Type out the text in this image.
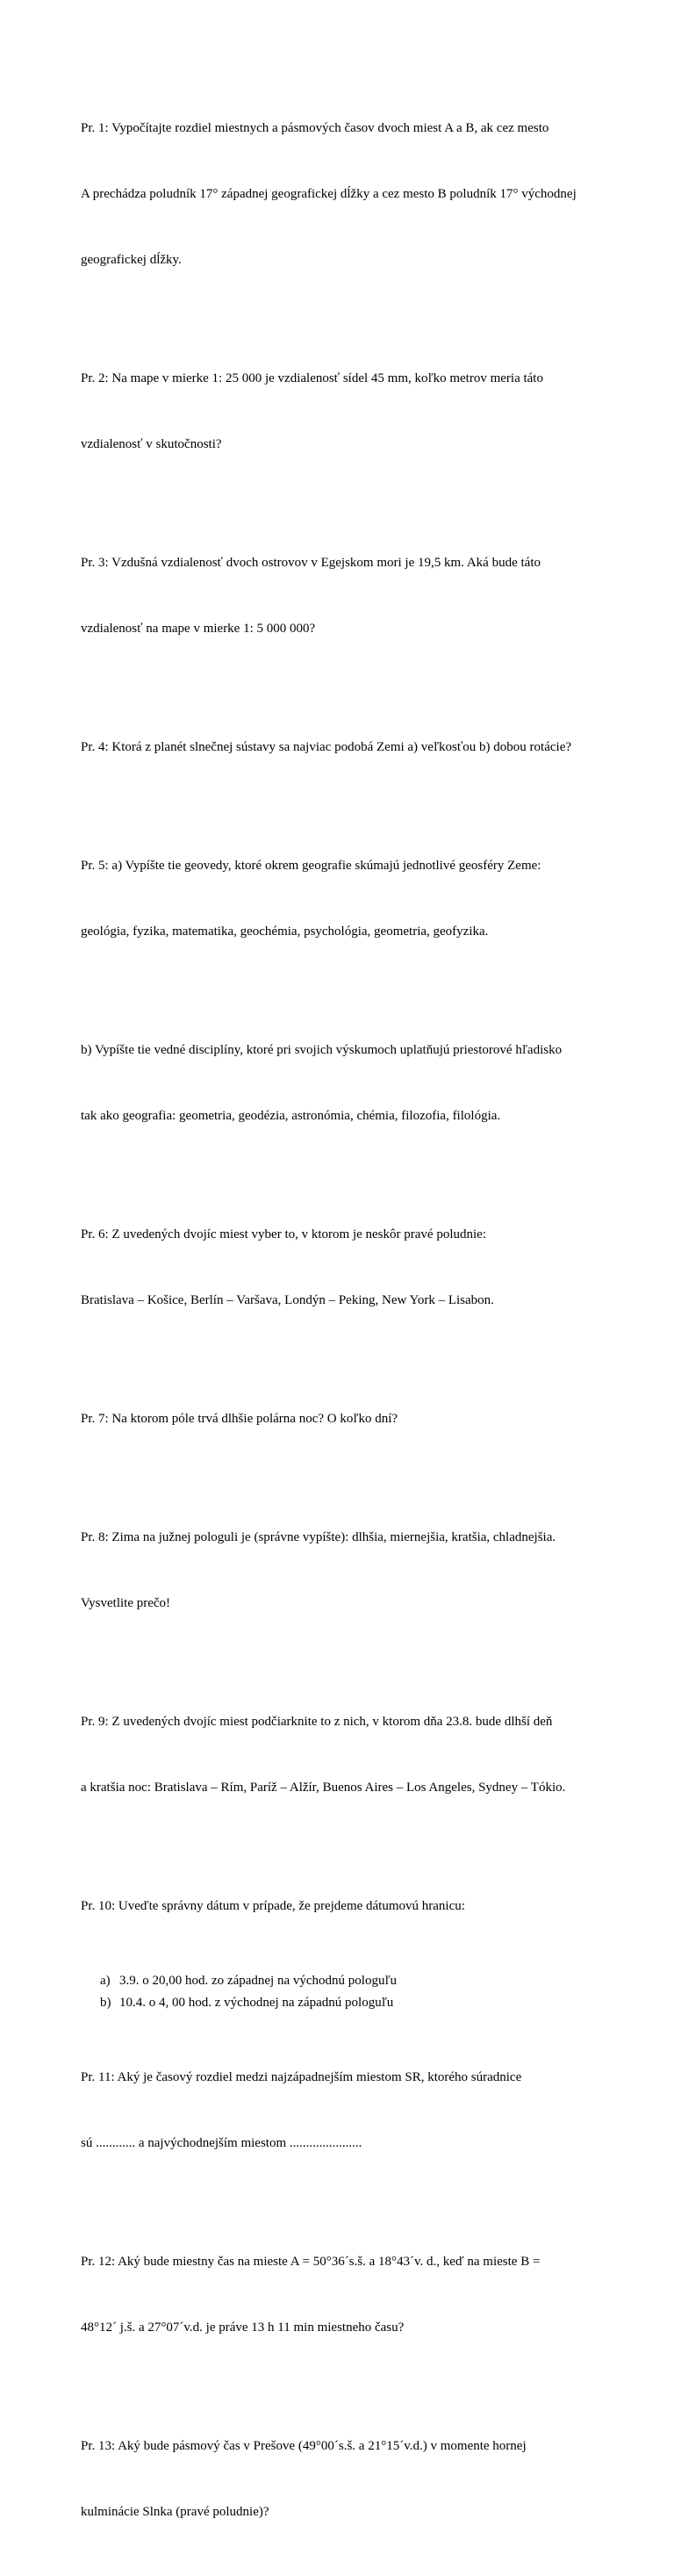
Pr. 1: Vypočítajte rozdiel miestnych a pásmových časov dvoch miest A a B, ak cez mesto

A prechádza poludník 17° západnej geografickej dĺžky a cez mesto B poludník 17° východnej

geografickej dĺžky.

Pr. 2: Na mape v mierke 1: 25 000 je vzdialenosť sídel 45 mm, koľko metrov meria táto

vzdialenosť v skutočnosti?

Pr. 3: Vzdušná vzdialenosť dvoch ostrovov v Egejskom mori je 19,5 km. Aká bude táto

vzdialenosť na mape v mierke 1: 5 000 000?

Pr. 4: Ktorá z planét slnečnej sústavy sa najviac podobá Zemi a) veľkosťou b) dobou rotácie?

Pr. 5: a) Vypíšte tie geovedy, ktoré okrem geografie skúmajú jednotlivé geosféry Zeme:

geológia, fyzika, matematika, geochémia, psychológia, geometria, geofyzika.

b) Vypíšte tie vedné disciplíny, ktoré pri svojich výskumoch uplatňujú priestorové hľadisko

tak ako geografia: geometria, geodézia, astronómia, chémia, filozofia, filológia.

Pr. 6: Z uvedených dvojíc miest vyber to, v ktorom je neskôr pravé poludnie:

Bratislava – Košice, Berlín – Varšava, Londýn – Peking, New York – Lisabon.

Pr. 7: Na ktorom póle trvá dlhšie polárna noc? O koľko dní?

Pr. 8: Zima na južnej pologuli je (správne vypíšte): dlhšia, miernejšia, kratšia, chladnejšia.

Vysvetlite prečo!

Pr. 9: Z uvedených dvojíc miest podčiarknite to z nich, v ktorom dňa 23.8. bude dlhší deň

a kratšia noc: Bratislava – Rím, Paríž – Alžír, Buenos Aires – Los Angeles, Sydney – Tókio.

Pr. 10: Uveďte správny dátum v prípade, že prejdeme dátumovú hranicu:

a) 3.9. o 20,00 hod. zo západnej na východnú pologuľu
b) 10.4. o 4, 00 hod. z východnej na západnú pologuľu

Pr. 11: Aký je časový rozdiel medzi najzápadnejším miestom SR, ktorého súradnice

sú ............ a najvýchodnejším miestom ......................

Pr. 12: Aký bude miestny čas na mieste A = 50°36´s.š. a 18°43´v. d., keď na mieste B =

48°12´ j.š. a 27°07´v.d. je práve 13 h 11 min miestneho času?

Pr. 13: Aký bude pásmový čas v Prešove (49°00´s.š. a 21°15´v.d.) v momente hornej

kulminácie Slnka (pravé poludnie)?
